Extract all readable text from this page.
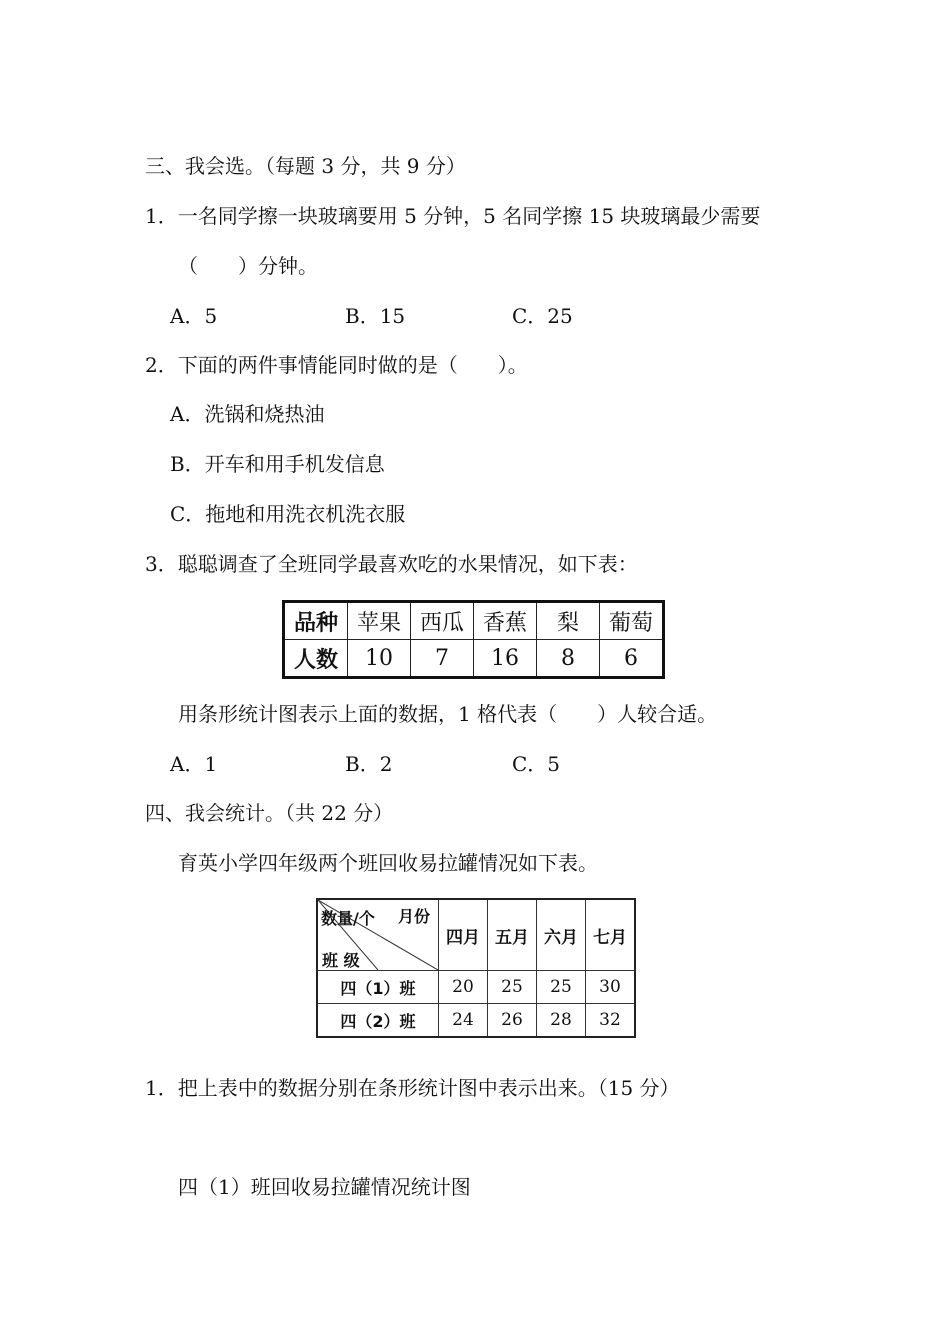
三、我会选。（每题 3 分，共 9 分）
1．一名同学擦一块玻璃要用 5 分钟，5 名同学擦 15 块玻璃最少需要
（　　）分钟。
A．5	B．15	C．25
2．下面的两件事情能同时做的是（　　）。
A．洗锅和烧热油
B．开车和用手机发信息
C．拖地和用洗衣机洗衣服
3．聪聪调查了全班同学最喜欢吃的水果情况，如下表：
品种	苹果	西瓜	香蕉	梨	葡萄
人数	10	7	16	8	6
用条形统计图表示上面的数据，1 格代表（　　）人较合适。
A．1	B．2	C．5
四、我会统计。（共 22 分）
育英小学四年级两个班回收易拉罐情况如下表。
数量/个 月份
班 级	四月	五月	六月	七月
四（1）班	20	25	25	30
四（2）班	24	26	28	32
1．把上表中的数据分别在条形统计图中表示出来。（15 分）
四（1）班回收易拉罐情况统计图
